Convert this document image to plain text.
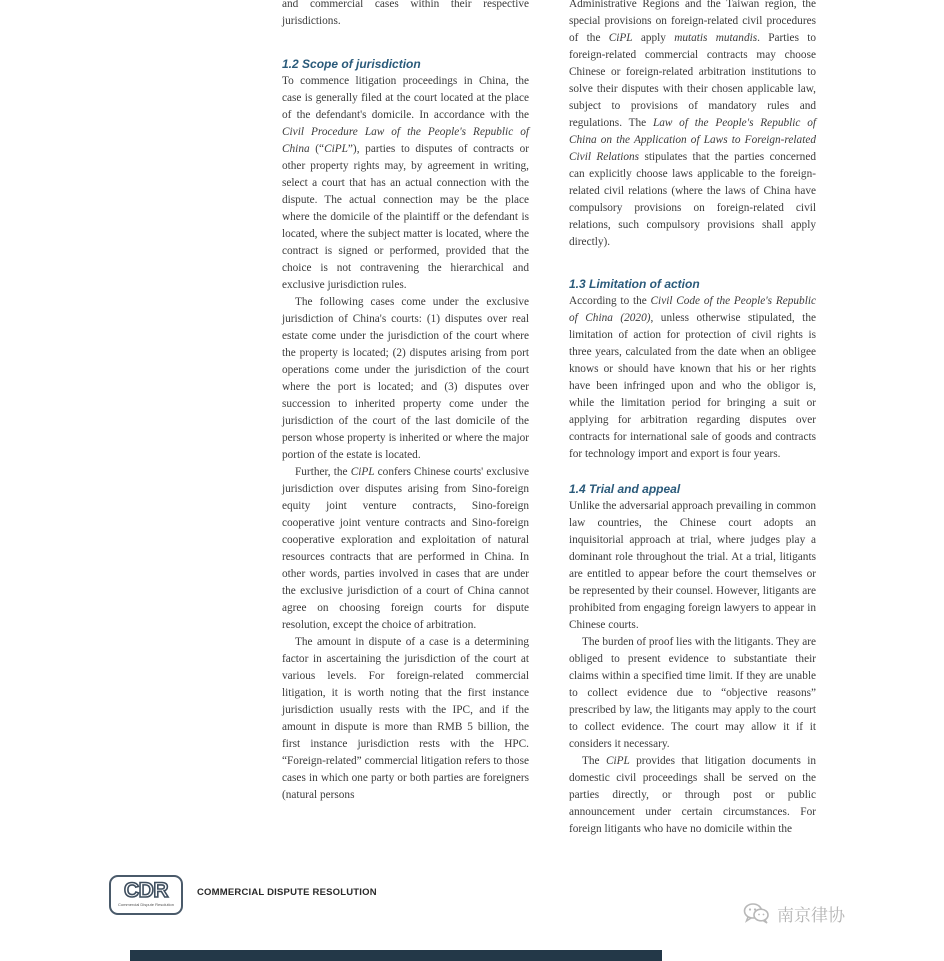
and commercial cases within their respective jurisdictions.

1.2 Scope of jurisdiction

To commence litigation proceedings in China, the case is generally filed at the court located at the place of the defendant's domicile. In accordance with the Civil Procedure Law of the People's Republic of China (“CiPL”), parties to disputes of contracts or other property rights may, by agreement in writing, select a court that has an actual connection with the dispute. The actual connection may be the place where the domicile of the plaintiff or the defendant is located, where the subject matter is located, where the contract is signed or performed, provided that the choice is not contravening the hierarchical and exclusive jurisdiction rules.

The following cases come under the exclusive jurisdiction of China's courts: (1) disputes over real estate come under the jurisdiction of the court where the property is located; (2) disputes arising from port operations come under the jurisdiction of the court where the port is located; and (3) disputes over succession to inherited property come under the jurisdiction of the court of the last domicile of the person whose property is inherited or where the major portion of the estate is located.

Further, the CiPL confers Chinese courts' exclusive jurisdiction over disputes arising from Sino-foreign equity joint venture contracts, Sino-foreign cooperative joint venture contracts and Sino-foreign cooperative exploration and exploitation of natural resources contracts that are performed in China. In other words, parties involved in cases that are under the exclusive jurisdiction of a court of China cannot agree on choosing foreign courts for dispute resolution, except the choice of arbitration.

The amount in dispute of a case is a determining factor in ascertaining the jurisdiction of the court at various levels. For foreign-related commercial litigation, it is worth noting that the first instance jurisdiction usually rests with the IPC, and if the amount in dispute is more than RMB 5 billion, the first instance jurisdiction rests with the HPC. “Foreign-related” commercial litigation refers to those cases in which one party or both parties are foreigners (natural persons

Administrative Regions and the Taiwan region, the special provisions on foreign-related civil procedures of the CiPL apply mutatis mutandis. Parties to foreign-related commercial contracts may choose Chinese or foreign-related arbitration institutions to solve their disputes with their chosen applicable law, subject to provisions of mandatory rules and regulations. The Law of the People's Republic of China on the Application of Laws to Foreign-related Civil Relations stipulates that the parties concerned can explicitly choose laws applicable to the foreign-related civil relations (where the laws of China have compulsory provisions on foreign-related civil relations, such compulsory provisions shall apply directly).

1.3 Limitation of action

According to the Civil Code of the People's Republic of China (2020), unless otherwise stipulated, the limitation of action for protection of civil rights is three years, calculated from the date when an obligee knows or should have known that his or her rights have been infringed upon and who the obligor is, while the limitation period for bringing a suit or applying for arbitration regarding disputes over contracts for international sale of goods and contracts for technology import and export is four years.

1.4 Trial and appeal

Unlike the adversarial approach prevailing in common law countries, the Chinese court adopts an inquisitorial approach at trial, where judges play a dominant role throughout the trial. At a trial, litigants are entitled to appear before the court themselves or be represented by their counsel. However, litigants are prohibited from engaging foreign lawyers to appear in Chinese courts.

The burden of proof lies with the litigants. They are obliged to present evidence to substantiate their claims within a specified time limit. If they are unable to collect evidence due to “objective reasons” prescribed by law, the litigants may apply to the court to collect evidence. The court may allow it if it considers it necessary.

The CiPL provides that litigation documents in domestic civil proceedings shall be served on the parties directly, or through post or public announcement under certain circumstances. For foreign litigants who have no domicile within the

CDR
Commercial Dispute Resolution
COMMERCIAL DISPUTE RESOLUTION
南京律协
